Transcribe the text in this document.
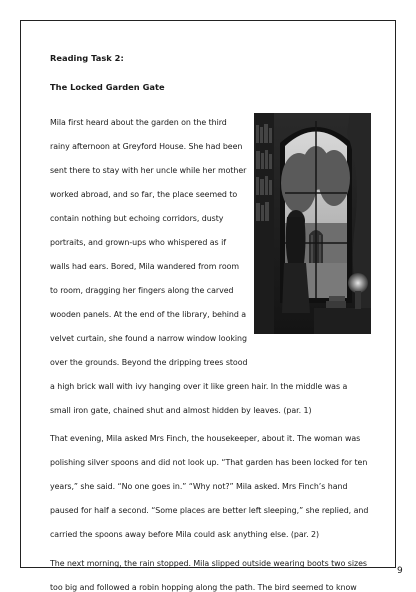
Reading Task 2:
The Locked Garden Gate
Mila first heard about the garden on the third
rainy afternoon at Greyford House. She had been
sent there to stay with her uncle while her mother
worked abroad, and so far, the place seemed to
contain nothing but echoing corridors, dusty
portraits, and grown-ups who whispered as if
walls had ears. Bored, Mila wandered from room
to room, dragging her fingers along the carved
wooden panels. At the end of the library, behind a
velvet curtain, she found a narrow window looking
over the grounds. Beyond the dripping trees stood
a high brick wall with ivy hanging over it like green hair. In the middle was a
small iron gate, chained shut and almost hidden by leaves. (par. 1)
That evening, Mila asked Mrs Finch, the housekeeper, about it. The woman was
polishing silver spoons and did not look up. “That garden has been locked for ten
years,” she said. “No one goes in.” “Why not?” Mila asked. Mrs Finch’s hand
paused for half a second. “Some places are better left sleeping,” she replied, and
carried the spoons away before Mila could ask anything else. (par. 2)
The next morning, the rain stopped. Mila slipped outside wearing boots two sizes
too big and followed a robin hopping along the path. The bird seemed to know
9
